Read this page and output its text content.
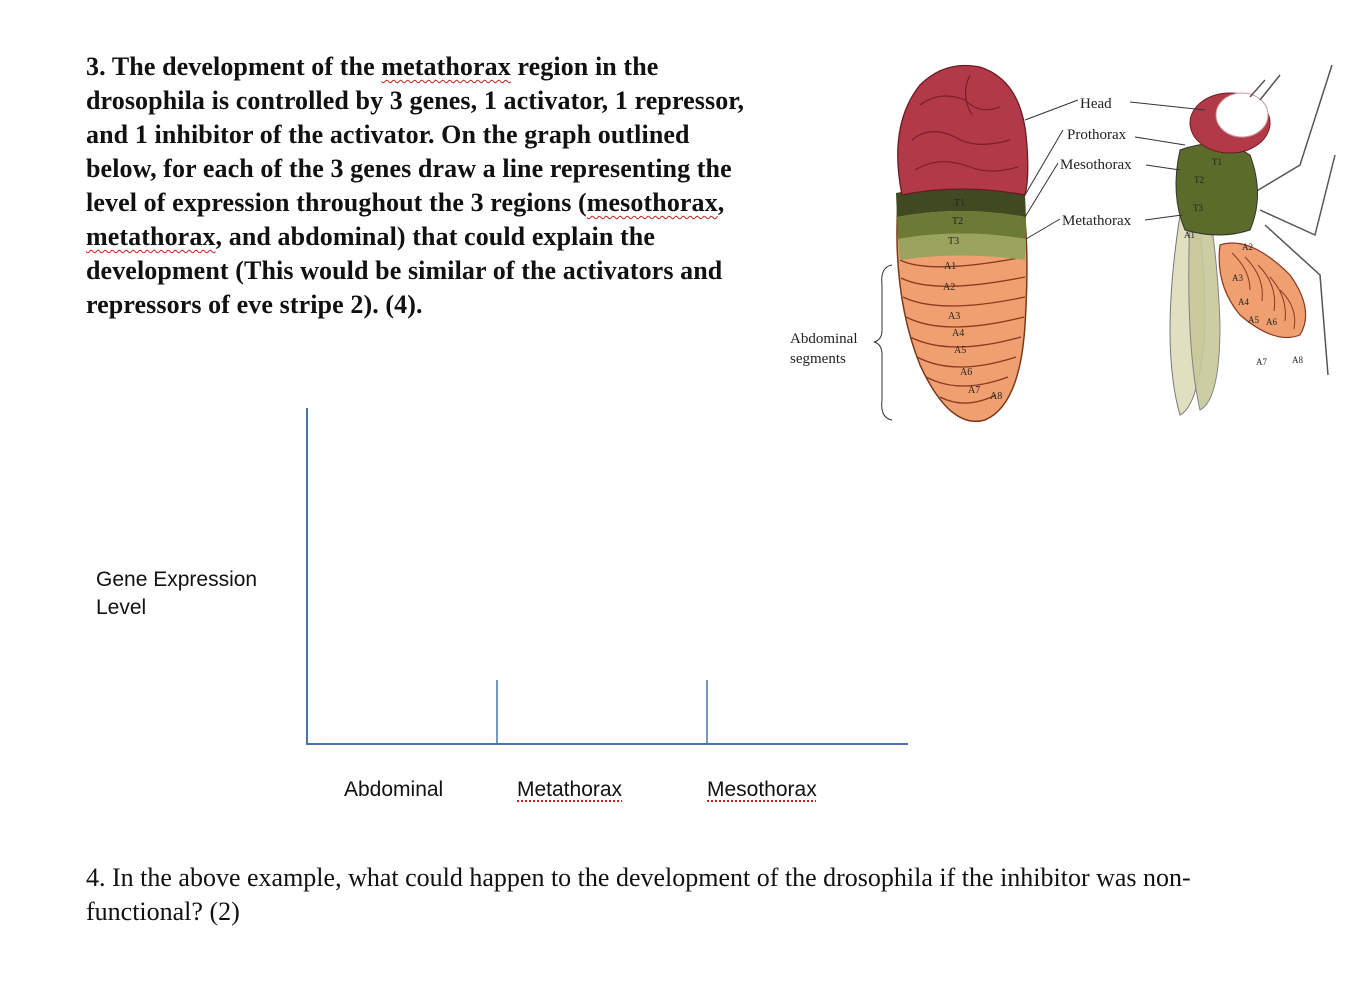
3. The development of the metathorax region in the drosophila is controlled by 3 genes, 1 activator, 1 repressor, and 1 inhibitor of the activator. On the graph outlined below, for each of the 3 genes draw a line representing the level of expression throughout the 3 regions (mesothorax, metathorax, and abdominal) that could explain the development (This would be similar of the activators and repressors of eve stripe 2). (4).
T1
T2
T3
A1
A2
A3
A4
A5
A6
A7
A8
Abdominal
segments
T1
T2
T3
A1
A2
A3
A4
A5 A6
A7	A8
Head
Prothorax
Mesothorax
Metathorax
Gene Expression Level
Abdominal	Metathorax	Mesothorax
4. In the above example, what could happen to the development of the drosophila if the inhibitor was non-functional? (2)
